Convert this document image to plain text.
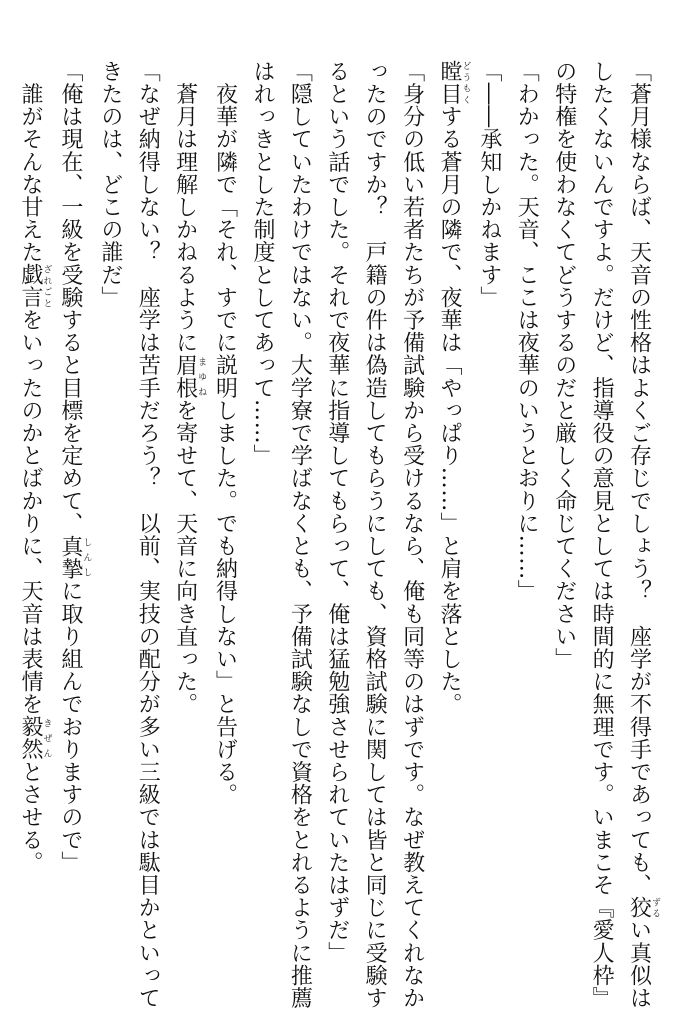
「蒼月様ならば、天音の性格はよくご存じでしょう？　座学が不得手であっても、狡ずるい真似は
したくないんですよ。だけど、指導役の意見としては時間的に無理です。いまこそ『愛人枠』
の特権を使わなくてどうするのだと厳しく命じてください」
「わかった。天音、ここは夜華のいうとおりに……」
「――承知しかねます」
瞠目どうもくする蒼月の隣で、夜華は「やっぱり……」と肩を落とした。
「身分の低い若者たちが予備試験から受けるなら、俺も同等のはずです。なぜ教えてくれなか
ったのですか？　戸籍の件は偽造してもらうにしても、資格試験に関しては皆と同じに受験す
るという話でした。それで夜華に指導してもらって、俺は猛勉強させられていたはずだ」
「隠していたわけではない。大学寮で学ばなくとも、予備試験なしで資格をとれるように推薦
はれっきとした制度としてあって……」
　夜華が隣で「それ、すでに説明しました。でも納得しない」と告げる。
　蒼月は理解しかねるように眉根まゆねを寄せて、天音に向き直った。
「なぜ納得しない？　座学は苦手だろう？　以前、実技の配分が多い三級では駄目かといって
きたのは、どこの誰だ」
「俺は現在、一級を受験すると目標を定めて、真摯しんしに取り組んでおりますので」
　誰がそんな甘えた戯言ざれごとをいったのかとばかりに、天音は表情を毅然きぜんとさせる。
